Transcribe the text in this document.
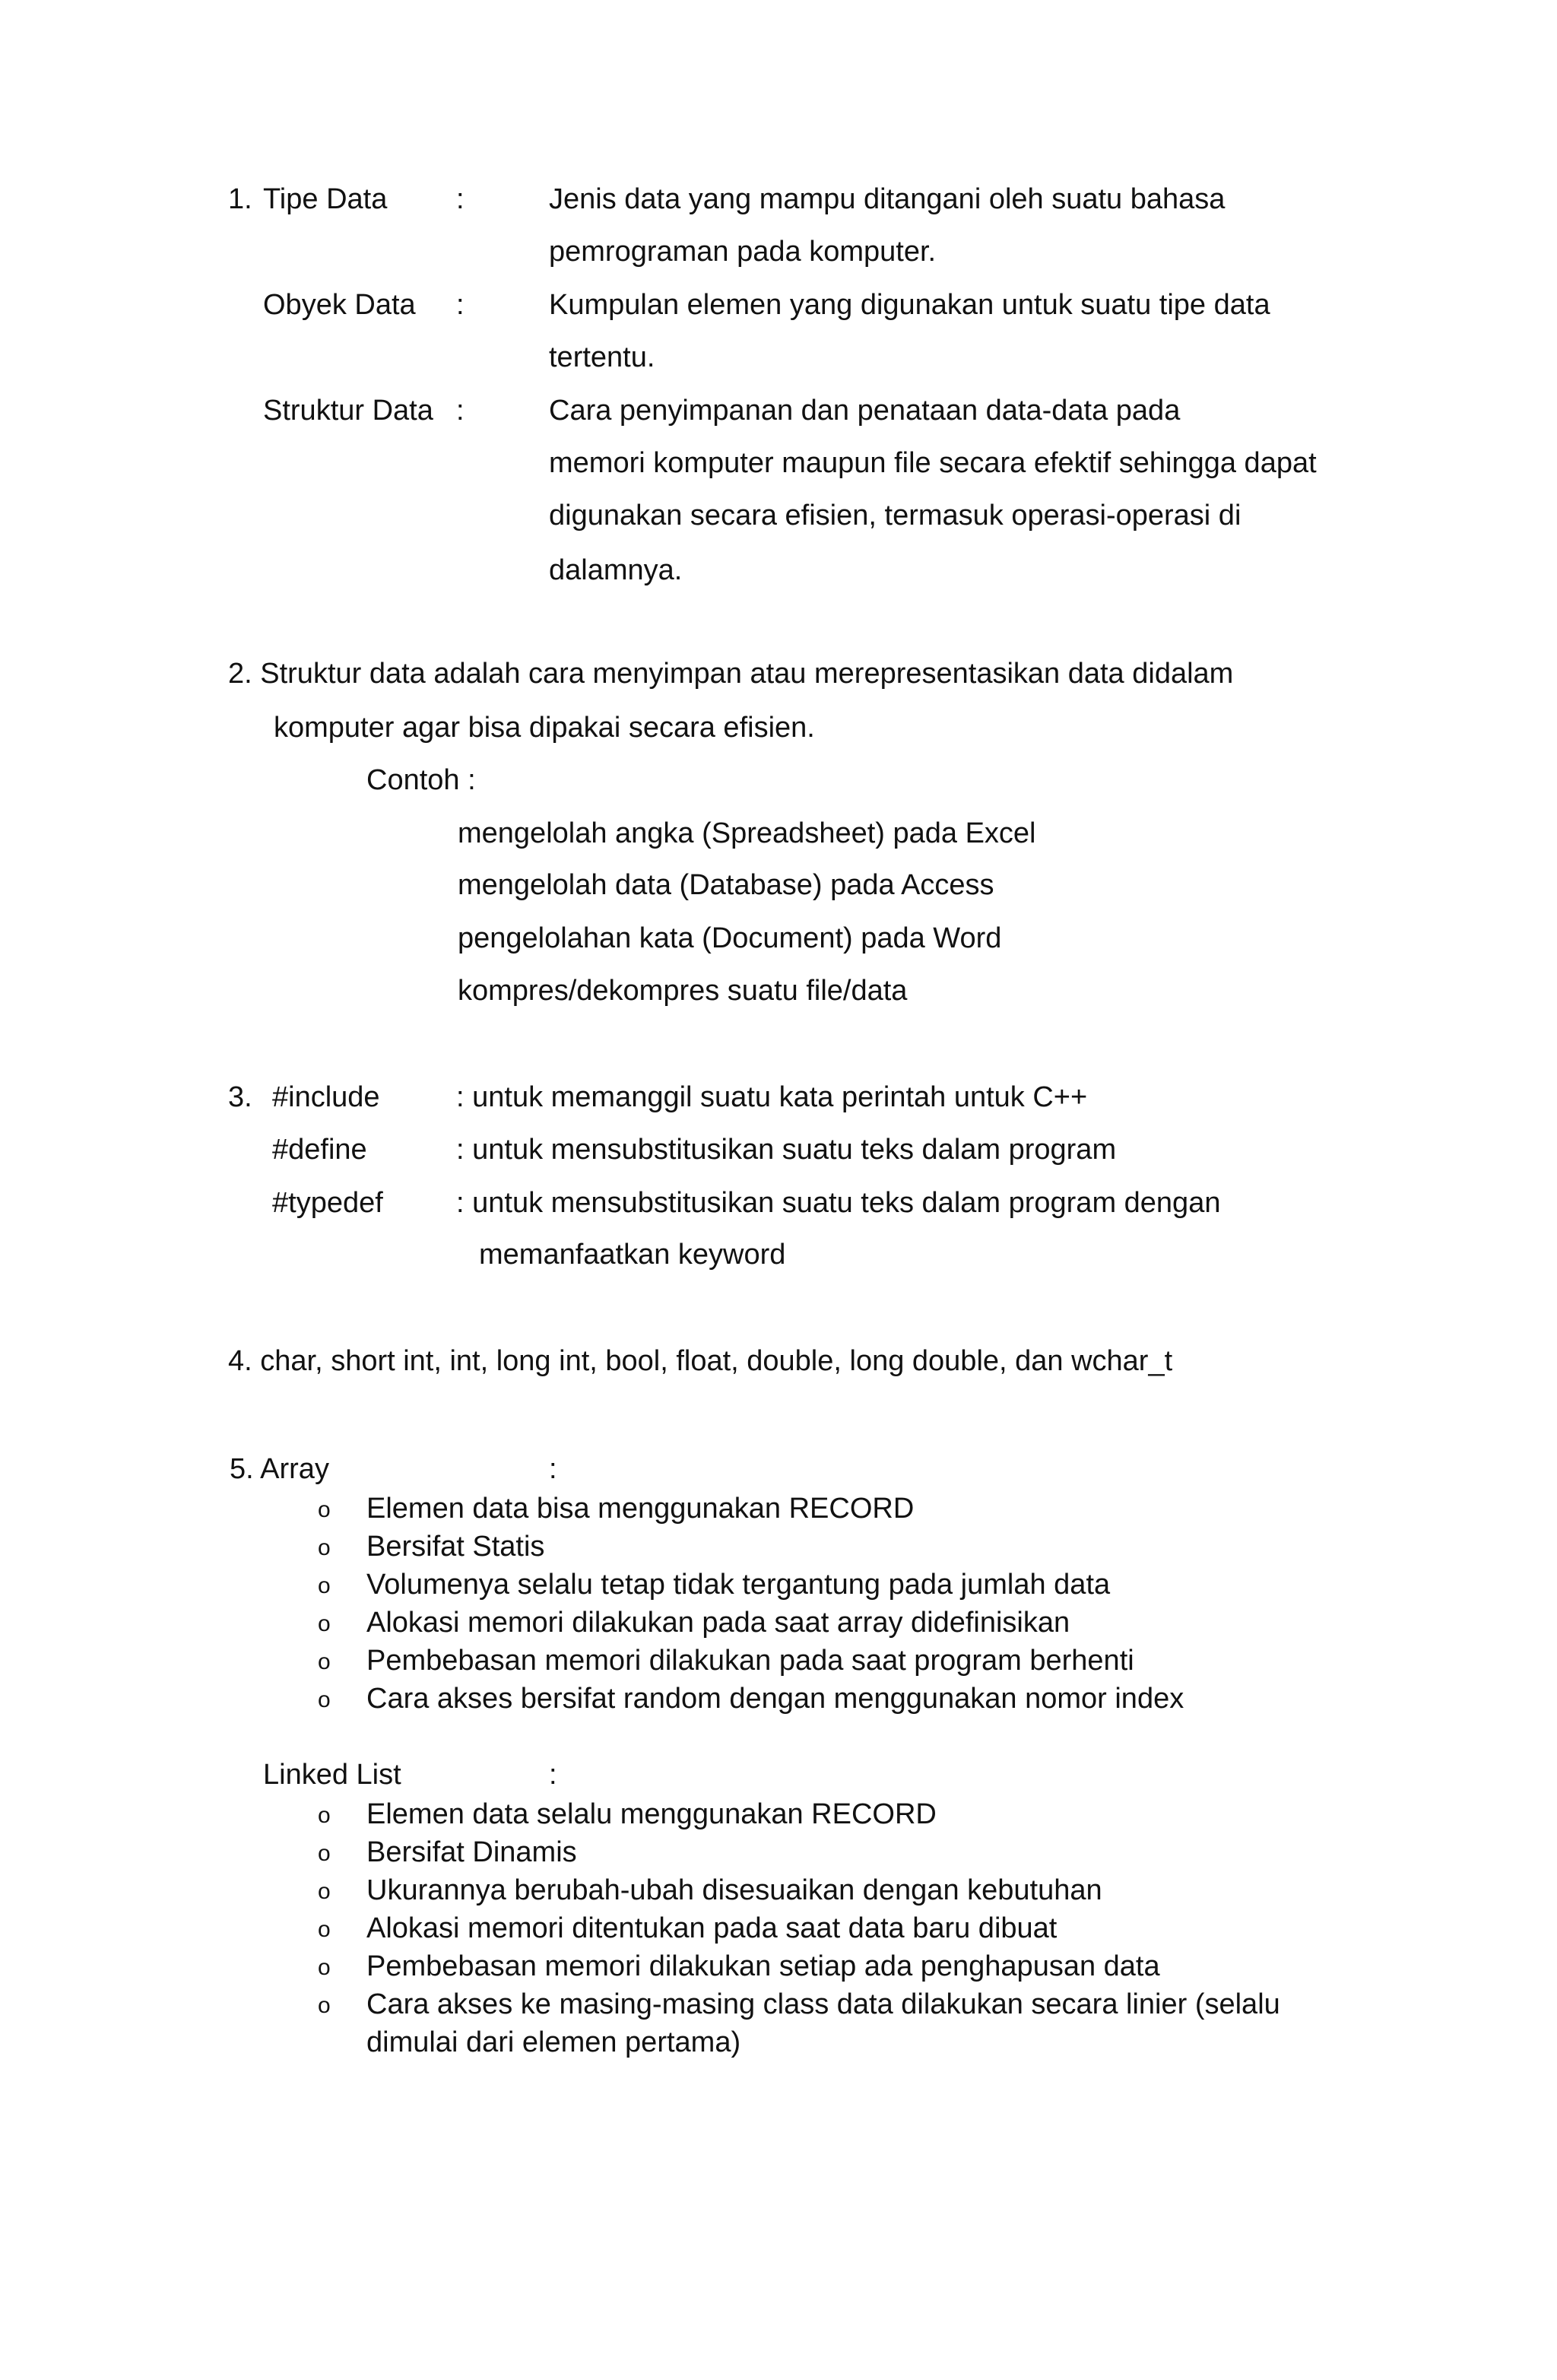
1. Tipe Data :	Jenis data yang mampu ditangani oleh suatu bahasa
pemrograman pada komputer.
Obyek Data :	Kumpulan elemen yang digunakan untuk suatu tipe data
tertentu.
Struktur Data :	Cara penyimpanan dan penataan data-data pada
memori komputer maupun file secara efektif sehingga dapat
digunakan secara efisien, termasuk operasi-operasi di
dalamnya.
2. Struktur data adalah cara menyimpan atau merepresentasikan data didalam
komputer agar bisa dipakai secara efisien.
Contoh :
mengelolah angka (Spreadsheet) pada Excel
mengelolah data (Database) pada Access
pengelolahan kata (Document) pada Word
kompres/dekompres suatu file/data
3. #include	: untuk memanggil suatu kata perintah untuk C++
#define	: untuk mensubstitusikan suatu teks dalam program
#typedef	: untuk mensubstitusikan suatu teks dalam program dengan
memanfaatkan keyword
4. char, short int, int, long int, bool, float, double, long double, dan wchar_t
5. Array	:
o Elemen data bisa menggunakan RECORD
o Bersifat Statis
o Volumenya selalu tetap tidak tergantung pada jumlah data
o Alokasi memori dilakukan pada saat array didefinisikan
o Pembebasan memori dilakukan pada saat program berhenti
o Cara akses bersifat random dengan menggunakan nomor index
Linked List	:
o Elemen data selalu menggunakan RECORD
o Bersifat Dinamis
o Ukurannya berubah-ubah disesuaikan dengan kebutuhan
o Alokasi memori ditentukan pada saat data baru dibuat
o Pembebasan memori dilakukan setiap ada penghapusan data
o Cara akses ke masing-masing class data dilakukan secara linier (selalu
dimulai dari elemen pertama)
